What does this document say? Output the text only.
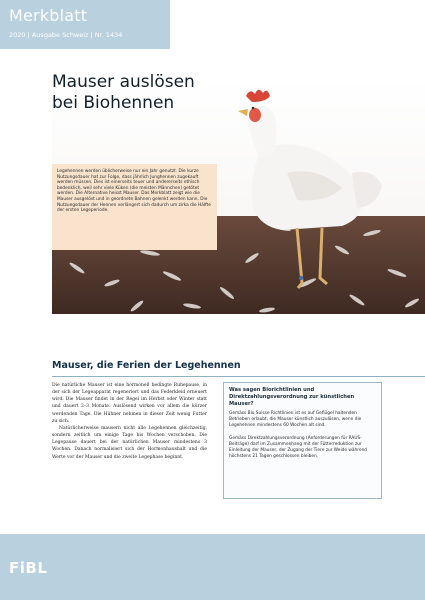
Merkblatt
2020 | Ausgabe Schweiz | Nr. 1434
Mauser auslösen
bei Biohennen
Legehennen werden üblicherweise nur ein Jahr genutzt. Die kurze Nutzungsdauer hat zur Folge, dass jährlich Junghennen zugekauft werden müssen. Dies ist einerseits teuer und andererseits ethisch bedenklich, weil sehr viele Küken (die meisten Männchen) getötet werden. Die Alternative heisst Mauser. Das Merkblatt zeigt wie die Mauser ausgelöst und in geordnete Bahnen gelenkt werden kann. Die Nutzungsdauer der Hennen verlängert sich dadurch um zirka die Hälfte der ersten Legeperiode.
Mauser, die Ferien der Legehennen

Die natürliche Mauser ist eine hormonell bedingte Ruhepause, in der sich der Legeapparat regeneriert und das Federkleid erneuert wird. Die Mauser findet in der Regel im Herbst oder Winter statt und dauert 2–3 Monate. Auslösend wirken vor allem die kürzer werdenden Tage. Die Hühner nehmen in dieser Zeit wenig Futter zu sich.

Natürlicherweise mausern nicht alle Legehennen gleichzeitig, sondern zeitlich um einige Tage bis Wochen verschoben. Die Legepause dauert bei der natürlichen Mauser mindestens 3 Wochen. Danach normalisiert sich der Hormonhaushalt und die Werte vor der Mauser und die zweite Legephase beginnt.

Was sagen Biorichtlinien und Direktzahlungsverordnung zur künstlichen Mauser?
Gemäss Bio Suisse Richtlinien ist es auf Geflügel haltenden Betrieben erlaubt, die Mauser künstlich auszulösen, wenn die Legehennen mindestens 60 Wochen alt sind.
Gemäss Direktzahlungsverordnung (Anforderungen für RAUS-Beiträge) darf im Zusammenhang mit der Fütterreduktion zur Einleitung der Mauser, der Zugang der Tiere zur Weide während höchstens 21 Tagen geschlossen bleiben.
FiBL
